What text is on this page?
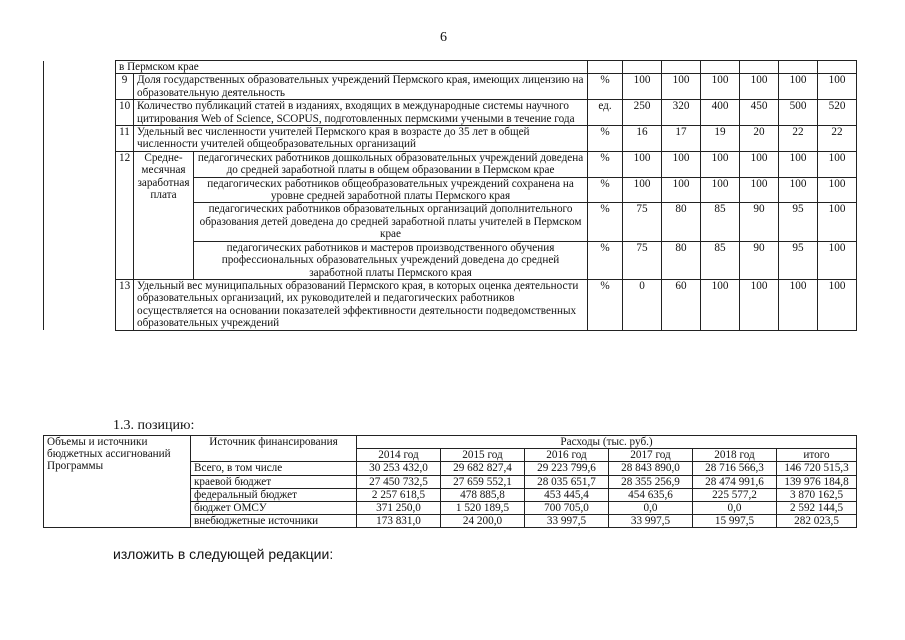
6
	в Пермском крае									
	9	Доля государственных образовательных учреждений Пермского края, имеющих лицензию на образовательную деятельность		%	100	100	100	100	100	100
	10	Количество публикаций статей в изданиях, входящих в международные системы научного цитирования Web of Science, SCOPUS, подготовленных пермскими учеными в течение года		ед.	250	320	400	450	500	520
	11	Удельный вес численности учителей Пермского края в возрасте до 35 лет в общей численности учителей общеобразовательных организаций		%	16	17	19	20	22	22
	12	Средне-месячная заработная плата	педагогических работников дошкольных образовательных учреждений доведена до средней заработной платы в общем образовании в Пермском крае	%	100	100	100	100	100	100
			педагогических работников общеобразовательных учреждений сохранена на уровне средней заработной платы Пермского края	%	100	100	100	100	100	100
			педагогических работников образовательных организаций дополнительного образования детей доведена до средней заработной платы учителей в Пермском крае	%	75	80	85	90	95	100
			педагогических работников и мастеров производственного обучения профессиональных образовательных учреждений доведена до средней заработной платы Пермского края	%	75	80	85	90	95	100
	13	Удельный вес муниципальных образований Пермского края, в которых оценка деятельности образовательных организаций, их руководителей и педагогических работников осуществляется на основании показателей эффективности деятельности подведомственных образовательных учреждений		%	0	60	100	100	100	100
1.3. позицию:
Объемы и источники бюджетных ассигнований Программы	Источник финансирования	Расходы (тыс. руб.)					
		2014 год	2015 год	2016 год	2017 год	2018 год	итого
	Всего, в том числе	30 253 432,0	29 682 827,4	29 223 799,6	28 843 890,0	28 716 566,3	146 720 515,3
	краевой бюджет	27 450 732,5	27 659 552,1	28 035 651,7	28 355 256,9	28 474 991,6	139 976 184,8
	федеральный бюджет	2 257 618,5	478 885,8	453 445,4	454 635,6	225 577,2	3 870 162,5
	бюджет ОМСУ	371 250,0	1 520 189,5	700 705,0	0,0	0,0	2 592 144,5
	внебюджетные источники	173 831,0	24 200,0	33 997,5	33 997,5	15 997,5	282 023,5
изложить в следующей редакции:
